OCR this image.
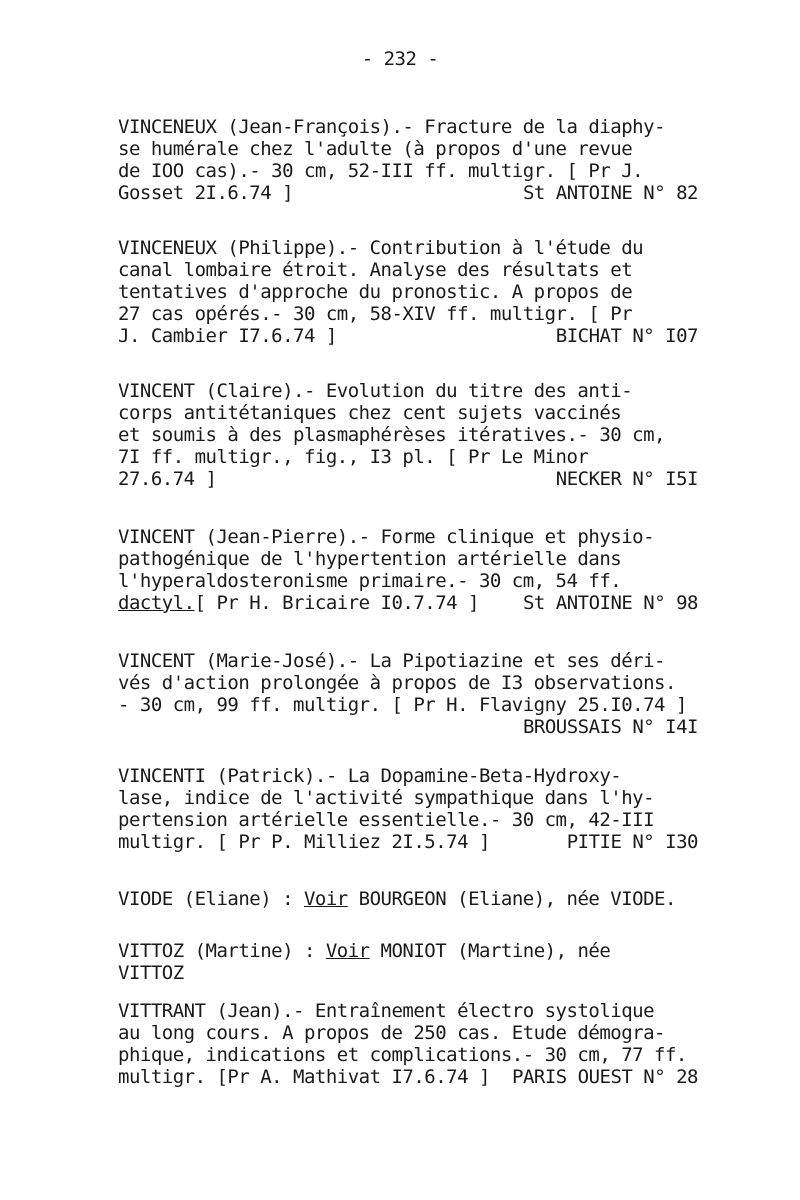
- 232 -
VINCENEUX (Jean-François).- Fracture de la diaphy-
se humérale chez l'adulte (à propos d'une revue
de IOO cas).- 30 cm, 52-III ff. multigr. [ Pr J.
Gosset 2I.6.74 ]	St ANTOINE N° 82
VINCENEUX (Philippe).- Contribution à l'étude du
canal lombaire étroit. Analyse des résultats et
tentatives d'approche du pronostic. A propos de
27 cas opérés.- 30 cm, 58-XIV ff. multigr. [ Pr
J. Cambier I7.6.74 ]	BICHAT N° I07
VINCENT (Claire).- Evolution du titre des anti-
corps antitétaniques chez cent sujets vaccinés
et soumis à des plasmaphérèses itératives.- 30 cm,
7I ff. multigr., fig., I3 pl. [ Pr Le Minor
27.6.74 ]	NECKER N° I5I
VINCENT (Jean-Pierre).- Forme clinique et physio-
pathogénique de l'hypertention artérielle dans
l'hyperaldosteronisme primaire.- 30 cm, 54 ff.
dactyl.[ Pr H. Bricaire I0.7.74 ] St ANTOINE N° 98
VINCENT (Marie-José).- La Pipotiazine et ses déri-
vés d'action prolongée à propos de I3 observations.
- 30 cm, 99 ff. multigr. [ Pr H. Flavigny 25.I0.74 ]
BROUSSAIS N° I4I
VINCENTI (Patrick).- La Dopamine-Beta-Hydroxy-
lase, indice de l'activité sympathique dans l'hy-
pertension artérielle essentielle.- 30 cm, 42-III
multigr. [ Pr P. Milliez 2I.5.74 ]	PITIE N° I30
VIODE (Eliane) : Voir BOURGEON (Eliane), née VIODE.
VITTOZ (Martine) : Voir MONIOT (Martine), née
VITTOZ
VITTRANT (Jean).- Entraînement électro systolique
au long cours. A propos de 250 cas. Etude démogra-
phique, indications et complications.- 30 cm, 77 ff.
multigr. [Pr A. Mathivat I7.6.74 ] PARIS OUEST N° 28
